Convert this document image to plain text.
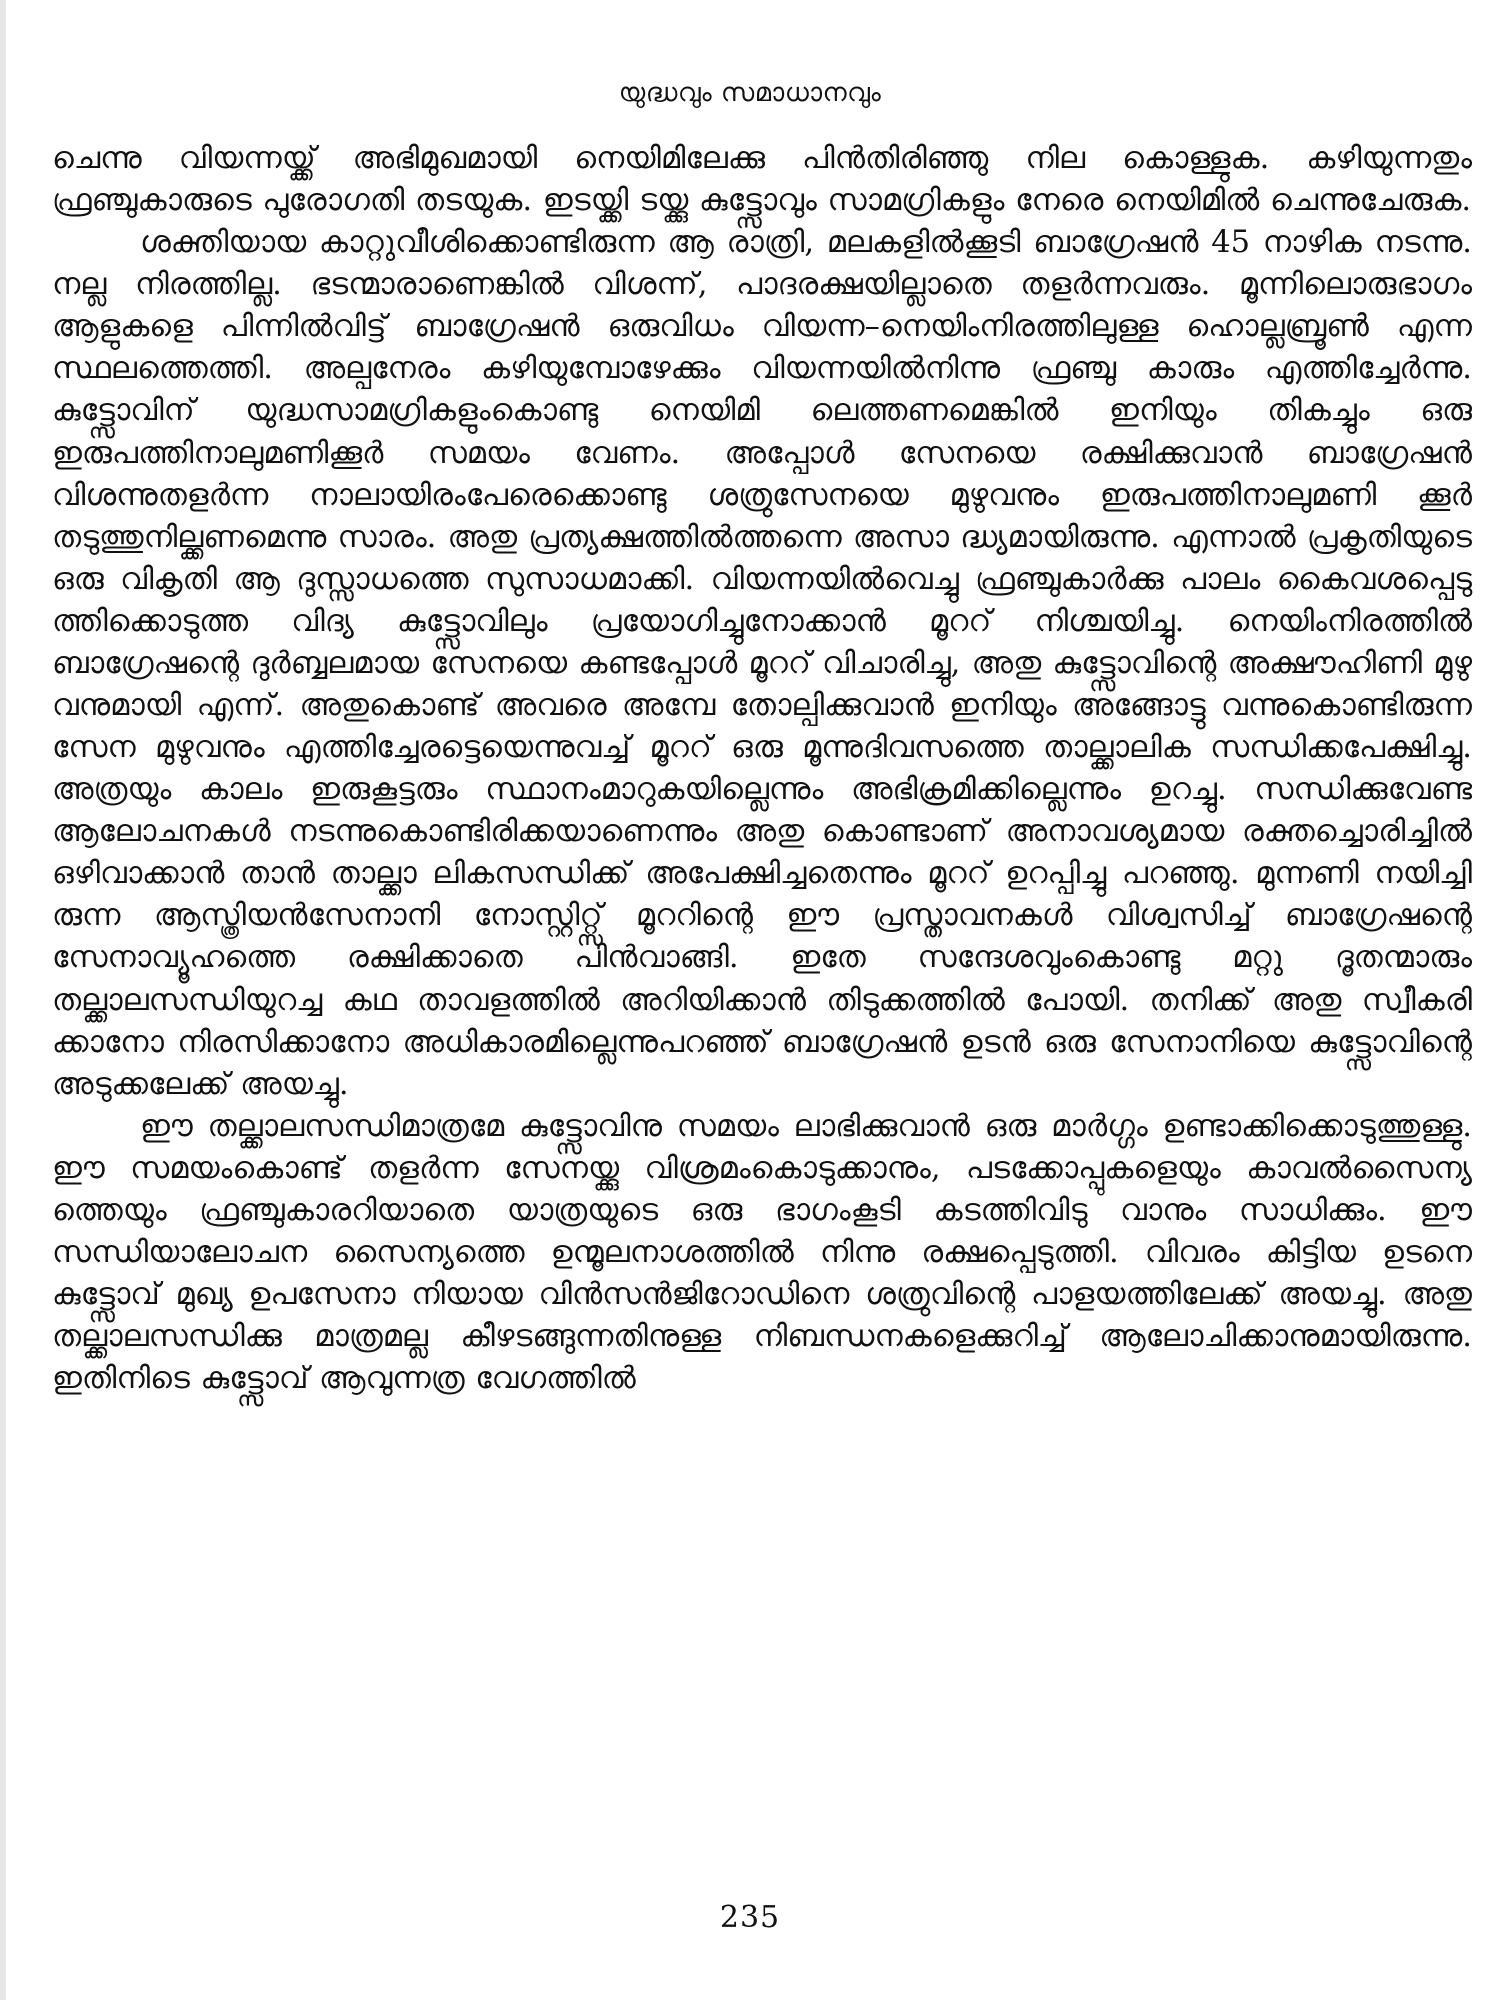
യുദ്ധവും സമാധാനവും

ചെന്നു വിയന്നയ്ക്ക് അഭിമുഖമായി നെയിമിലേക്കു പിൻതിരിഞ്ഞു നില കൊള്ളുക. കഴിയുന്നതും ഫ്രഞ്ചുകാരുടെ പുരോഗതി തടയുക. ഇടയ്ക്കി ടയ്ക്കു കുട്ട്സോവും സാമഗ്രികളും നേരെ നെയിമിൽ ചെന്നുചേരുക.

ശക്തിയായ കാറ്റുവീശിക്കൊണ്ടിരുന്ന ആ രാത്രി, മലകളിൽക്കൂടി ബാഗ്രേഷൻ 45 നാഴിക നടന്നു. നല്ല നിരത്തില്ല. ഭടന്മാരാണെങ്കിൽ വിശന്ന്, പാദരക്ഷയില്ലാതെ തളർന്നവരും. മൂന്നിലൊരുഭാഗം ആളുകളെ പിന്നിൽവിട്ട് ബാഗ്രേഷൻ ഒരുവിധം വിയന്ന–നെയിംനിരത്തിലുള്ള ഹൊല്ലബ്രൂൺ എന്ന സ്ഥലത്തെത്തി. അല്പനേരം കഴിയുമ്പോഴേക്കും വിയന്നയിൽനിന്നു ഫ്രഞ്ചു കാരും എത്തിച്ചേർന്നു. കുട്ട്സോവിന് യുദ്ധസാമഗ്രികളുംകൊണ്ടു നെയിമി ലെത്തണമെങ്കിൽ ഇനിയും തികച്ചും ഒരു ഇരുപത്തിനാലുമണിക്കൂർ സമയം വേണം. അപ്പോൾ സേനയെ രക്ഷിക്കുവാൻ ബാഗ്രേഷൻ വിശന്നുതളർന്ന നാലായിരംപേരെക്കൊണ്ടു ശത്രുസേനയെ മുഴുവനും ഇരുപത്തിനാലുമണി ക്കൂർ തടുത്തുനില്ക്കണമെന്നു സാരം. അതു പ്രത്യക്ഷത്തിൽത്തന്നെ അസാ ദ്ധ്യമായിരുന്നു. എന്നാൽ പ്രകൃതിയുടെ ഒരു വികൃതി ആ ദുസ്സാധത്തെ സുസാധമാക്കി. വിയന്നയിൽവെച്ചു ഫ്രഞ്ചുകാർക്കു പാലം കൈവശപ്പെടു ത്തിക്കൊടുത്ത വിദ്യ കുട്ട്സോവിലും പ്രയോഗിച്ചുനോക്കാൻ മൂററ് നിശ്ചയിച്ചു. നെയിംനിരത്തിൽ ബാഗ്രേഷന്റെ ദുർബ്ബലമായ സേനയെ കണ്ടപ്പോൾ മൂററ് വിചാരിച്ചു, അതു കുട്ട്സോവിന്റെ അക്ഷൗഹിണി മുഴു വനുമായി എന്ന്. അതുകൊണ്ട് അവരെ അമ്പേ തോല്പിക്കുവാൻ ഇനിയും അങ്ങോട്ടു വന്നുകൊണ്ടിരുന്ന സേന മുഴുവനും എത്തിച്ചേരട്ടെയെന്നുവച്ച് മൂററ് ഒരു മൂന്നുദിവസത്തെ താല്ക്കാലിക സന്ധിക്കപേക്ഷിച്ചു. അത്രയും കാലം ഇരുകൂട്ടരും സ്ഥാനംമാറുകയില്ലെന്നും അഭിക്രമിക്കില്ലെന്നും ഉറച്ചു. സന്ധിക്കുവേണ്ട ആലോചനകൾ നടന്നുകൊണ്ടിരിക്കയാണെന്നും അതു കൊണ്ടാണ് അനാവശ്യമായ രക്തച്ചൊരിച്ചിൽ ഒഴിവാക്കാൻ താൻ താല്ക്കാ ലികസന്ധിക്ക് അപേക്ഷിച്ചതെന്നും മൂററ് ഉറപ്പിച്ചു പറഞ്ഞു. മുന്നണി നയിച്ചി രുന്ന ആസ്ത്രിയൻസേനാനി നോസ്റ്റിറ്റ്സ് മൂററിന്റെ ഈ പ്രസ്താവനകൾ വിശ്വസിച്ച് ബാഗ്രേഷന്റെ സേനാവ്യൂഹത്തെ രക്ഷിക്കാതെ പിൻവാങ്ങി. ഇതേ സന്ദേശവുംകൊണ്ടു മറ്റു ദൂതന്മാരും തല്ക്കാലസന്ധിയുറച്ച കഥ താവളത്തിൽ അറിയിക്കാൻ തിടുക്കത്തിൽ പോയി. തനിക്ക് അതു സ്വീകരി ക്കാനോ നിരസിക്കാനോ അധികാരമില്ലെന്നുപറഞ്ഞ് ബാഗ്രേഷൻ ഉടൻ ഒരു സേനാനിയെ കുട്ട്സോവിന്റെ അടുക്കലേക്ക് അയച്ചു.

ഈ തല്ക്കാലസന്ധിമാത്രമേ കുട്ട്സോവിനു സമയം ലാഭിക്കുവാൻ ഒരു മാർഗ്ഗം ഉണ്ടാക്കിക്കൊടുത്തുള്ളു. ഈ സമയംകൊണ്ട് തളർന്ന സേനയ്ക്കു വിശ്രമംകൊടുക്കാനും, പടക്കോപ്പുകളെയും കാവൽസൈന്യ ത്തെയും ഫ്രഞ്ചുകാരറിയാതെ യാത്രയുടെ ഒരു ഭാഗംകൂടി കടത്തിവിടു വാനും സാധിക്കും. ഈ സന്ധിയാലോചന സൈന്യത്തെ ഉന്മൂലനാശത്തിൽ നിന്നു രക്ഷപ്പെടുത്തി. വിവരം കിട്ടിയ ഉടനെ കുട്ട്സോവ് മുഖ്യ ഉപസേനാ നിയായ വിൻസൻജിറോഡിനെ ശത്രുവിന്റെ പാളയത്തിലേക്ക് അയച്ചു. അതു തല്ക്കാലസന്ധിക്കു മാത്രമല്ല കീഴടങ്ങുന്നതിനുള്ള നിബന്ധനകളെക്കുറിച്ച് ആലോചിക്കാനുമായിരുന്നു. ഇതിനിടെ കുട്ട്സോവ് ആവുന്നത്ര വേഗത്തിൽ

235
